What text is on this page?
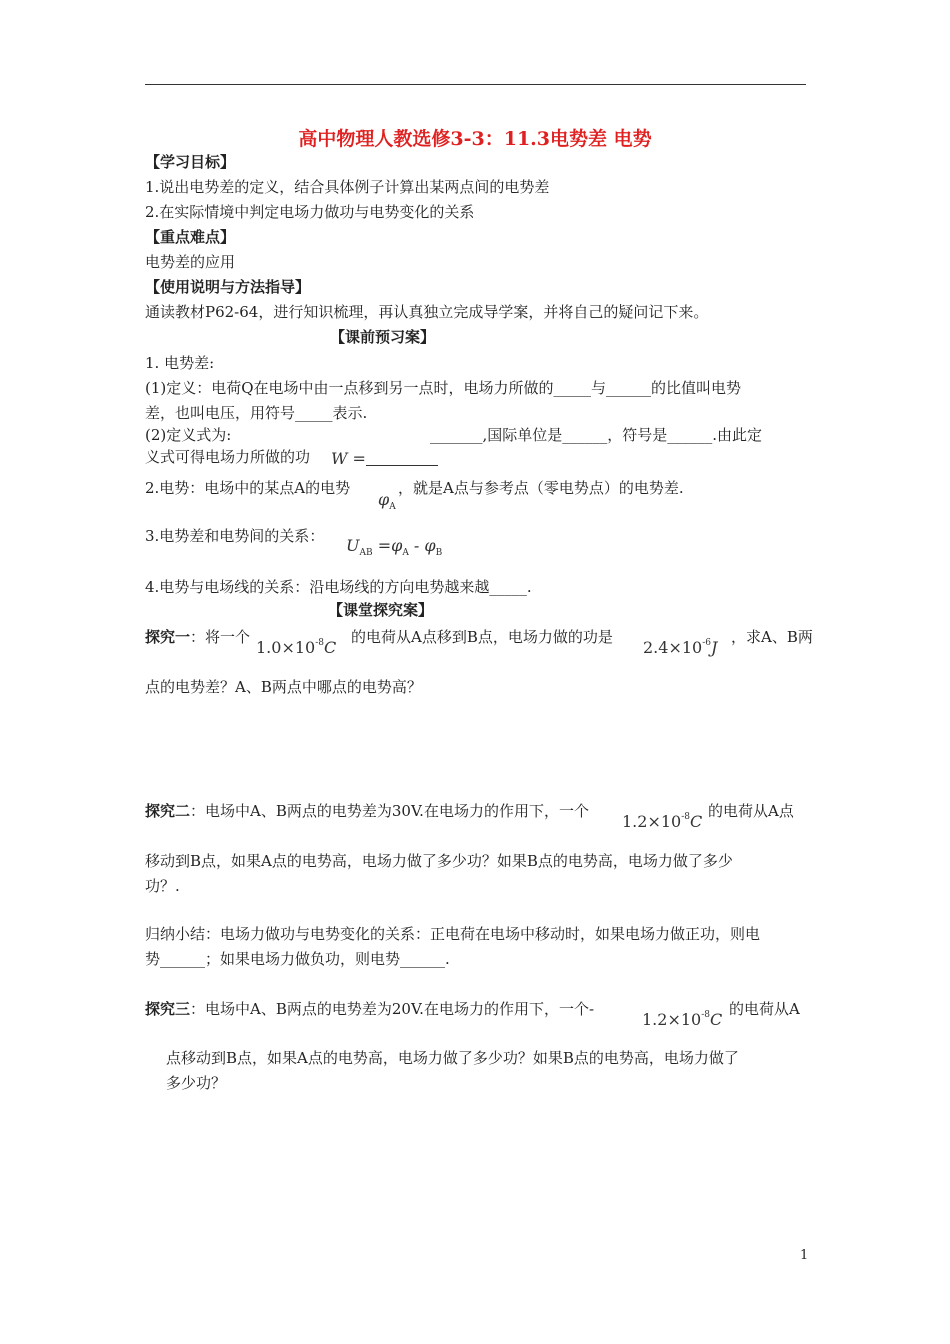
高中物理人教选修3-3：11.3电势差 电势
【学习目标】
1.说出电势差的定义，结合具体例子计算出某两点间的电势差
2.在实际情境中判定电场力做功与电势变化的关系
【重点难点】
电势差的应用
【使用说明与方法指导】
通读教材P62-64，进行知识梳理，再认真独立完成导学案，并将自己的疑问记下来。
【课前预习案】
1. 电势差:
(1)定义：电荷Q在电场中由一点移到另一点时，电场力所做的_____与______的比值叫电势
差，也叫电压，用符号_____表示.
(2)定义式为:	_______,国际单位是______，符号是______.由此定
义式可得电场力所做的功 W =
2.电势：电场中的某点A的电势
$\varphi_A$
，就是A点与参考点（零电势点）的电势差.
3.电势差和电势间的关系： $U_{AB} =\varphi_A - \varphi_B$
4.电势与电场线的关系：沿电场线的方向电势越来越_____.
【课堂探究案】
探究一：将一个
$1.0\times 10^{-8}C$
的电荷从A点移到B点，电场力做的功是
$2.4\times 10^{-6}J$
，求A、B两
点的电势差？A、B两点中哪点的电势高？
探究二：电场中A、B两点的电势差为30V.在电场力的作用下，一个
$1.2\times 10^{-8}C$
的电荷从A点
移动到B点，如果A点的电势高，电场力做了多少功？如果B点的电势高，电场力做了多少
功？.
归纳小结：电场力做功与电势变化的关系：正电荷在电场中移动时，如果电场力做正功，则电
势______；如果电场力做负功，则电势______.
探究三：电场中A、B两点的电势差为20V.在电场力的作用下，一个-
$1.2\times 10^{-8}C$
的电荷从A
点移动到B点，如果A点的电势高，电场力做了多少功？如果B点的电势高，电场力做了
多少功？
1
